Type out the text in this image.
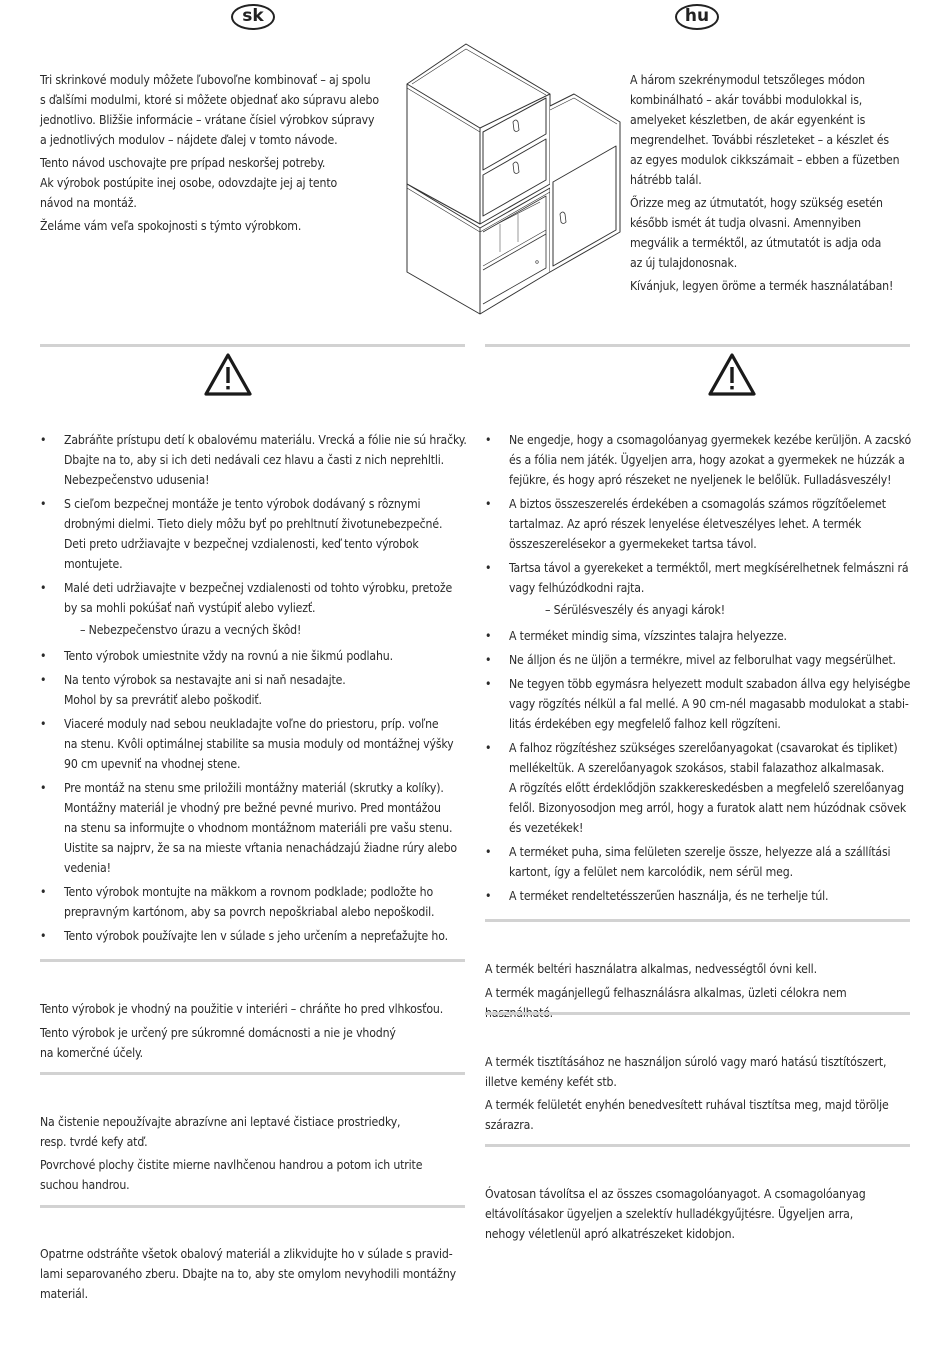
sk	hu

Tri skrinkové moduly môžete ľubovoľne kombinovať – aj spolu
s ďalšími modulmi, ktoré si môžete objednať ako súpravu alebo
jednotlivo. Bližšie informácie – vrátane čísiel výrobkov súpravy
a jednotlivých modulov – nájdete ďalej v tomto návode.

Tento návod uschovajte pre prípad neskoršej potreby.
Ak výrobok postúpite inej osobe, odovzdajte jej aj tento
návod na montáž.

Želáme vám veľa spokojnosti s týmto výrobkom.

A három szekrénymodul tetszőleges módon
kombinálható – akár további modulokkal is,
amelyeket készletben, de akár egyenként is
megrendelhet. További részleteket – a készlet és
az egyes modulok cikkszámait – ebben a füzetben
hátrébb talál.

Őrizze meg az útmutatót, hogy szükség esetén
később ismét át tudja olvasni. Amennyiben
megválik a terméktől, az útmutatót is adja oda
az új tulajdonosnak.

Kívánjuk, legyen öröme a termék használatában!

• Zabráňte prístupu detí k obalovému materiálu. Vrecká a fólie nie sú hračky.
Dbajte na to, aby si ich deti nedávali cez hlavu a časti z nich neprehltli.
Nebezpečenstvo udusenia!
• S cieľom bezpečnej montáže je tento výrobok dodávaný s rôznymi
drobnými dielmi. Tieto diely môžu byť po prehltnutí životunebezpečné.
Deti preto udržiavajte v bezpečnej vzdialenosti, keď tento výrobok
montujete.
• Malé deti udržiavajte v bezpečnej vzdialenosti od tohto výrobku, pretože
by sa mohli pokúšať naň vystúpiť alebo vyliezť.
– Nebezpečenstvo úrazu a vecných škôd!
• Tento výrobok umiestnite vždy na rovnú a nie šikmú podlahu.
• Na tento výrobok sa nestavajte ani si naň nesadajte.
Mohol by sa prevrátiť alebo poškodiť.
• Viaceré moduly nad sebou neukladajte voľne do priestoru, príp. voľne
na stenu. Kvôli optimálnej stabilite sa musia moduly od montážnej výšky
90 cm upevniť na vhodnej stene.
• Pre montáž na stenu sme priložili montážny materiál (skrutky a kolíky).
Montážny materiál je vhodný pre bežné pevné murivo. Pred montážou
na stenu sa informujte o vhodnom montážnom materiáli pre vašu stenu.
Uistite sa najprv, že sa na mieste vŕtania nenachádzajú žiadne rúry alebo
vedenia!
• Tento výrobok montujte na mäkkom a rovnom podklade; podložte ho
prepravným kartónom, aby sa povrch nepoškriabal alebo nepoškodil.
• Tento výrobok používajte len v súlade s jeho určením a nepreťažujte ho.
• Ne engedje, hogy a csomagolóanyag gyermekek kezébe kerüljön. A zacskó
és a fólia nem játék. Ügyeljen arra, hogy azokat a gyermekek ne húzzák a
fejükre, és hogy apró részeket ne nyeljenek le belőlük. Fulladásveszély!
• A biztos összeszerelés érdekében a csomagolás számos rögzítőelemet
tartalmaz. Az apró részek lenyelése életveszélyes lehet. A termék
összeszerelésekor a gyermekeket tartsa távol.
• Tartsa távol a gyerekeket a terméktől, mert megkísérelhetnek felmászni rá
vagy felhúzódkodni rajta.
– Sérülésveszély és anyagi károk!
• A terméket mindig sima, vízszintes talajra helyezze.
• Ne álljon és ne üljön a termékre, mivel az felborulhat vagy megsérülhet.
• Ne tegyen több egymásra helyezett modult szabadon állva egy helyiségbe
vagy rögzítés nélkül a fal mellé. A 90 cm-nél magasabb modulokat a stabi-
litás érdekében egy megfelelő falhoz kell rögzíteni.
• A falhoz rögzítéshez szükséges szerelőanyagokat (csavarokat és tipliket)
mellékeltük. A szerelőanyagok szokásos, stabil falazathoz alkalmasak.
A rögzítés előtt érdeklődjön szakkereskedésben a megfelelő szerelőanyag
felől. Bizonyosodjon meg arról, hogy a furatok alatt nem húzódnak csövek
és vezetékek!
• A terméket puha, sima felületen szerelje össze, helyezze alá a szállítási
kartont, így a felület nem karcolódik, nem sérül meg.
• A terméket rendeltetésszerűen használja, és ne terhelje túl.

Tento výrobok je vhodný na použitie v interiéri – chráňte ho pred vlhkosťou.

Tento výrobok je určený pre súkromné domácnosti a nie je vhodný
na komerčné účely.

Na čistenie nepoužívajte abrazívne ani leptavé čistiace prostriedky,
resp. tvrdé kefy atď.

Povrchové plochy čistite mierne navlhčenou handrou a potom ich utrite
suchou handrou.

Opatrne odstráňte všetok obalový materiál a zlikvidujte ho v súlade s pravid-
lami separovaného zberu. Dbajte na to, aby ste omylom nevyhodili montážny
materiál.

A termék beltéri használatra alkalmas, nedvességtől óvni kell.

A termék magánjellegű felhasználásra alkalmas, üzleti célokra nem

A termék tisztításához ne használjon súroló vagy maró hatású tisztítószert,
illetve kemény kefét stb.

A termék felületét enyhén benedvesített ruhával tisztítsa meg, majd törölje
szárazra.

Óvatosan távolítsa el az összes csomagolóanyagot. A csomagolóanyag
eltávolításakor ügyeljen a szelektív hulladékgyűjtésre. Ügyeljen arra,
nehogy véletlenül apró alkatrészeket kidobjon.
